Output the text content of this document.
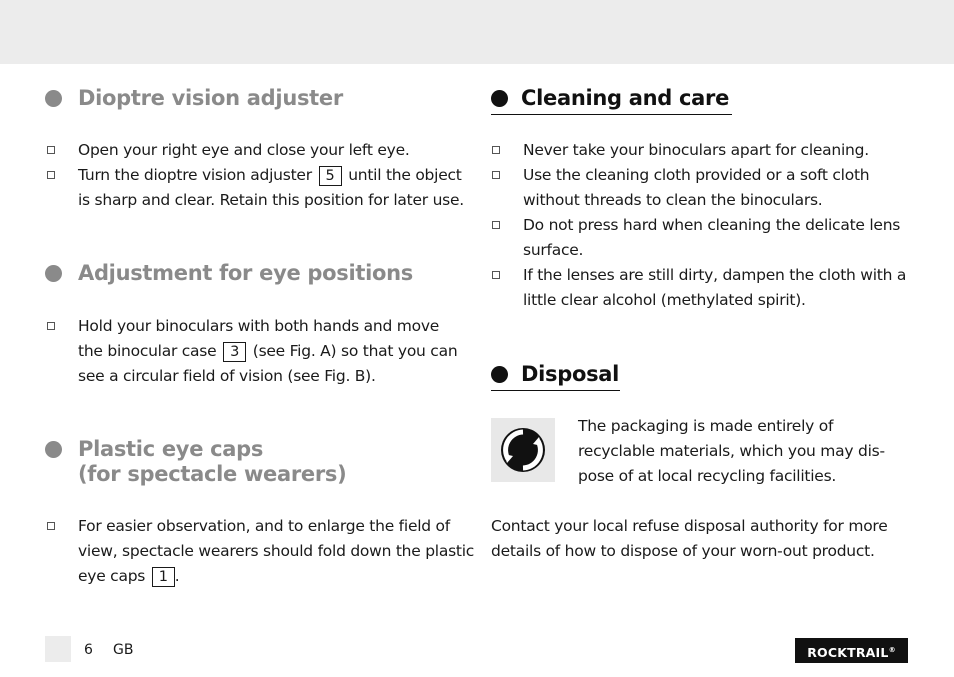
Dioptre vision adjuster
Open your right eye and close your left eye.
Turn the dioptre vision adjuster 5 until the object
is sharp and clear. Retain this position for later use.
Adjustment for eye positions
Hold your binoculars with both hands and move
the binocular case 3 (see Fig. A) so that you can
see a circular field of vision (see Fig. B).
Plastic eye caps
(for spectacle wearers)
For easier observation, and to enlarge the field of
view, spectacle wearers should fold down the plastic
eye caps 1 .
Cleaning and care
Never take your binoculars apart for cleaning.
Use the cleaning cloth provided or a soft cloth
without threads to clean the binoculars.
Do not press hard when cleaning the delicate lens
surface.
If the lenses are still dirty, dampen the cloth with a
little clear alcohol (methylated spirit).
Disposal
The packaging is made entirely of
recyclable materials, which you may dis-
pose of at local recycling facilities.
Contact your local refuse disposal authority for more
details of how to dispose of your worn-out product.
6 GB	ROCKTRAIL®
